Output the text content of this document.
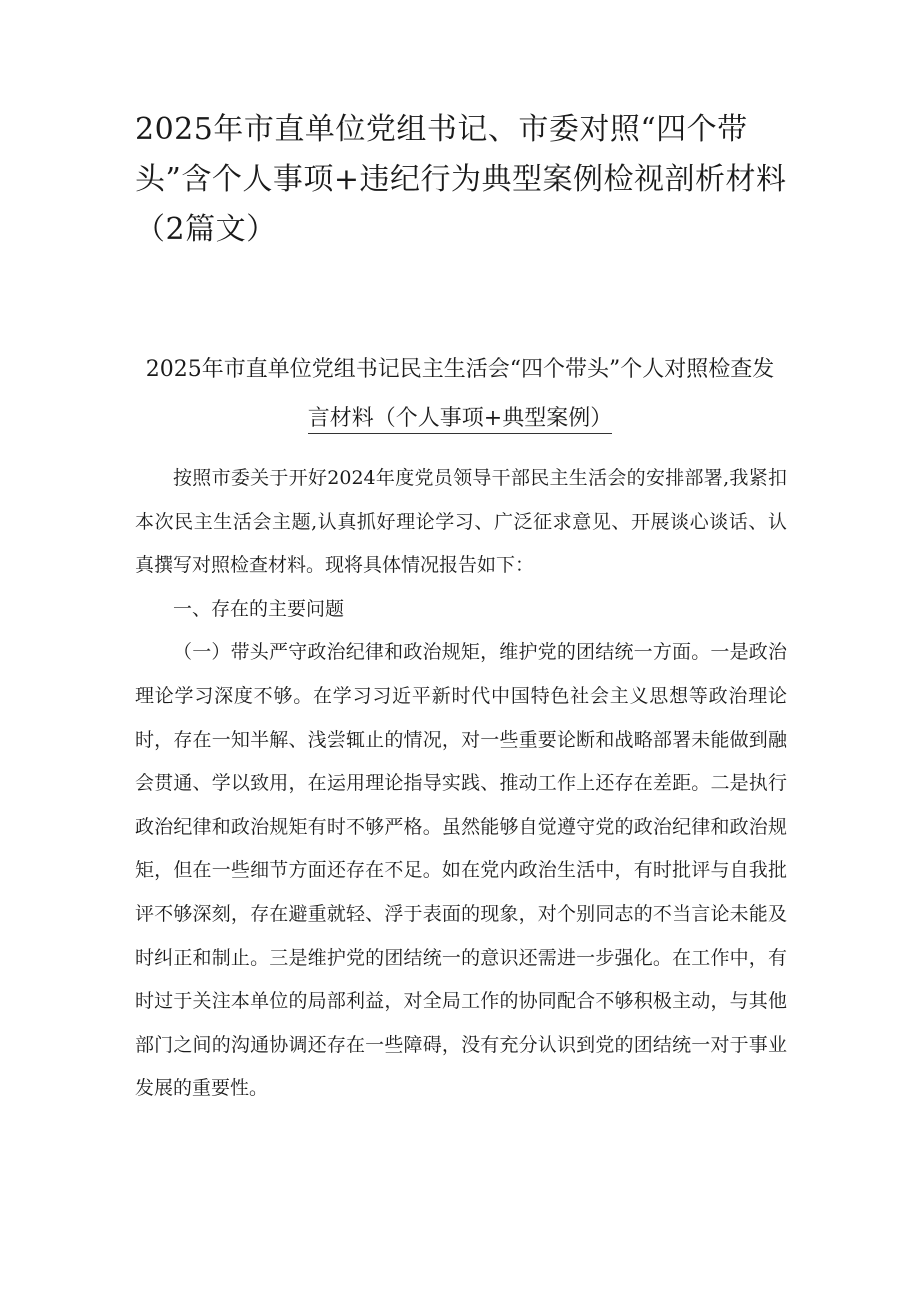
2025年市直单位党组书记、市委对照“四个带头”含个人事项+违纪行为典型案例检视剖析材料（2篇文）
2025年市直单位党组书记民主生活会“四个带头”个人对照检查发
言材料（个人事项+典型案例）

按照市委关于开好2024年度党员领导干部民主生活会的安排部署,我紧扣本次民主生活会主题,认真抓好理论学习、广泛征求意见、开展谈心谈话、认真撰写对照检查材料。现将具体情况报告如下：

一、存在的主要问题

（一）带头严守政治纪律和政治规矩，维护党的团结统一方面。一是政治理论学习深度不够。在学习习近平新时代中国特色社会主义思想等政治理论时，存在一知半解、浅尝辄止的情况，对一些重要论断和战略部署未能做到融会贯通、学以致用，在运用理论指导实践、推动工作上还存在差距。二是执行政治纪律和政治规矩有时不够严格。虽然能够自觉遵守党的政治纪律和政治规矩，但在一些细节方面还存在不足。如在党内政治生活中，有时批评与自我批评不够深刻，存在避重就轻、浮于表面的现象，对个别同志的不当言论未能及时纠正和制止。三是维护党的团结统一的意识还需进一步强化。在工作中，有时过于关注本单位的局部利益，对全局工作的协同配合不够积极主动，与其他部门之间的沟通协调还存在一些障碍，没有充分认识到党的团结统一对于事业发展的重要性。
